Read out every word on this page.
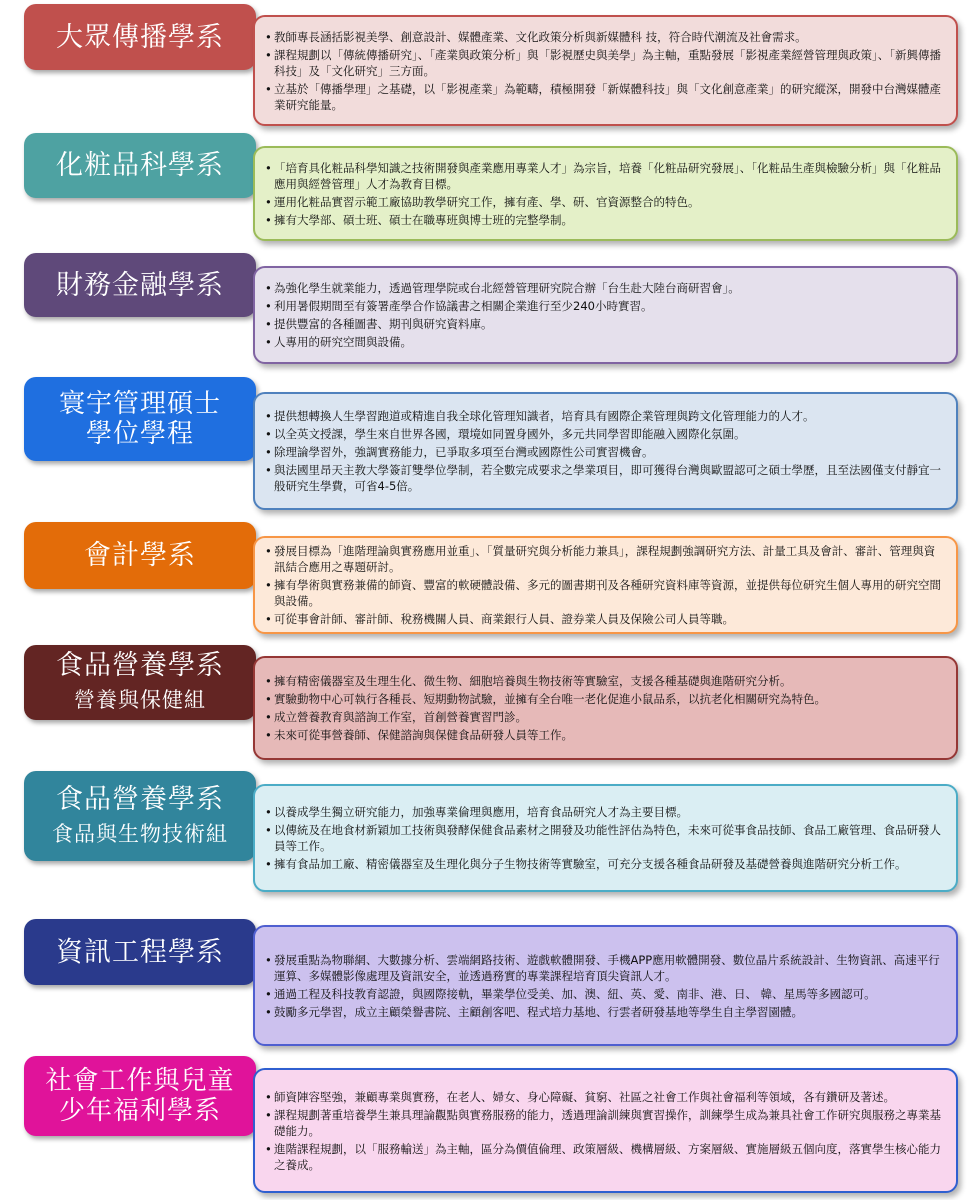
大眾傳播學系	• 教師專長涵括影視美學、創意設計、媒體產業、文化政策分析與新媒體科 技，符合時代潮流及社會需求。
• 課程規劃以「傳統傳播研究」、「產業與政策分析」與「影視歷史與美學」為主軸，重點發展「影視產業經營管理與政策」、「新興傳播科技」及「文化研究」三方面。
• 立基於「傳播學理」之基礎，以「影視產業」為範疇，積極開發「新媒體科技」與「文化創意產業」的研究縱深，開發中台灣媒體產業研究能量。
化粧品科學系	• 「培育具化粧品科學知識之技術開發與產業應用專業人才」為宗旨，培養「化粧品研究發展」、「化粧品生產與檢驗分析」與「化粧品應用與經營管理」人才為教育目標。
• 運用化粧品實習示範工廠協助教學研究工作，擁有產、學、研、官資源整合的特色。
• 擁有大學部、碩士班、碩士在職專班與博士班的完整學制。
財務金融學系	• 為強化學生就業能力，透過管理學院或台北經營管理研究院合辦「台生赴大陸台商研習會」。
• 利用暑假期間至有簽署產學合作協議書之相關企業進行至少240小時實習。
• 提供豐富的各種圖書、期刊與研究資料庫。
• 人專用的研究空間與設備。
寰宇管理碩士
學位學程
• 提供想轉換人生學習跑道或精進自我全球化管理知識者，培育具有國際企業管理與跨文化管理能力的人才。
• 以全英文授課，學生來自世界各國，環境如同置身國外，多元共同學習即能融入國際化氛圍。
• 除理論學習外，強調實務能力，已爭取多項至台灣或國際性公司實習機會。
• 與法國里昂天主教大學簽訂雙學位學制，若全數完成要求之學業項目，即可獲得台灣與歐盟認可之碩士學歷，且至法國僅支付靜宜一般研究生學費，可省4-5倍。
會計學系	• 發展目標為「進階理論與實務應用並重」、「質量研究與分析能力兼具」，課程規劃強調研究方法、計量工具及會計、審計、管理與資訊結合應用之專題研討。
• 擁有學術與實務兼備的師資、豐富的軟硬體設備、多元的圖書期刊及各種研究資料庫等資源，並提供每位研究生個人專用的研究空間與設備。
• 可從事會計師、審計師、稅務機關人員、商業銀行人員、證券業人員及保險公司人員等職。
食品營養學系
營養與保健組
• 擁有精密儀器室及生理生化、微生物、細胞培養與生物技術等實驗室，支援各種基礎與進階研究分析。
• 實驗動物中心可執行各種長、短期動物試驗，並擁有全台唯一老化促進小鼠品系，以抗老化相關研究為特色。
• 成立營養教育與諮詢工作室，首創營養實習門診。
• 未來可從事營養師、保健諮詢與保健食品研發人員等工作。
食品營養學系
食品與生物技術組
• 以養成學生獨立研究能力，加強專業倫理與應用，培育食品研究人才為主要目標。
• 以傳統及在地食材新穎加工技術與發酵保健食品素材之開發及功能性評估為特色，未來可從事食品技師、食品工廠管理、食品研發人員等工作。
• 擁有食品加工廠、精密儀器室及生理化與分子生物技術等實驗室，可充分支援各種食品研發及基礎營養與進階研究分析工作。
資訊工程學系	• 發展重點為物聯網、大數據分析、雲端網路技術、遊戲軟體開發、手機APP應用軟體開發、數位晶片系統設計、生物資訊、高速平行運算、多媒體影像處理及資訊安全，並透過務實的專業課程培育頂尖資訊人才。
• 通過工程及科技教育認證，與國際接軌，畢業學位受美、加、澳、紐、英、愛、南非、港、日、 韓、星馬等多國認可。
• 鼓勵多元學習，成立主顧榮譽書院、主顧創客吧、程式培力基地、行雲者研發基地等學生自主學習園體。
社會工作與兒童
少年福利學系	• 師資陣容堅強，兼顧專業與實務，在老人、婦女、身心障礙、貧窮、社區之社會工作與社會福利等領域，各有鑽研及著述。
• 課程規劃著重培養學生兼具理論觀點與實務服務的能力，透過理論訓練與實習操作，訓練學生成為兼具社會工作研究與服務之專業基礎能力。
• 進階課程規劃，以「服務輸送」為主軸，區分為價值倫理、政策層級、機構層級、方案層級、實施層級五個向度，落實學生核心能力之養成。
